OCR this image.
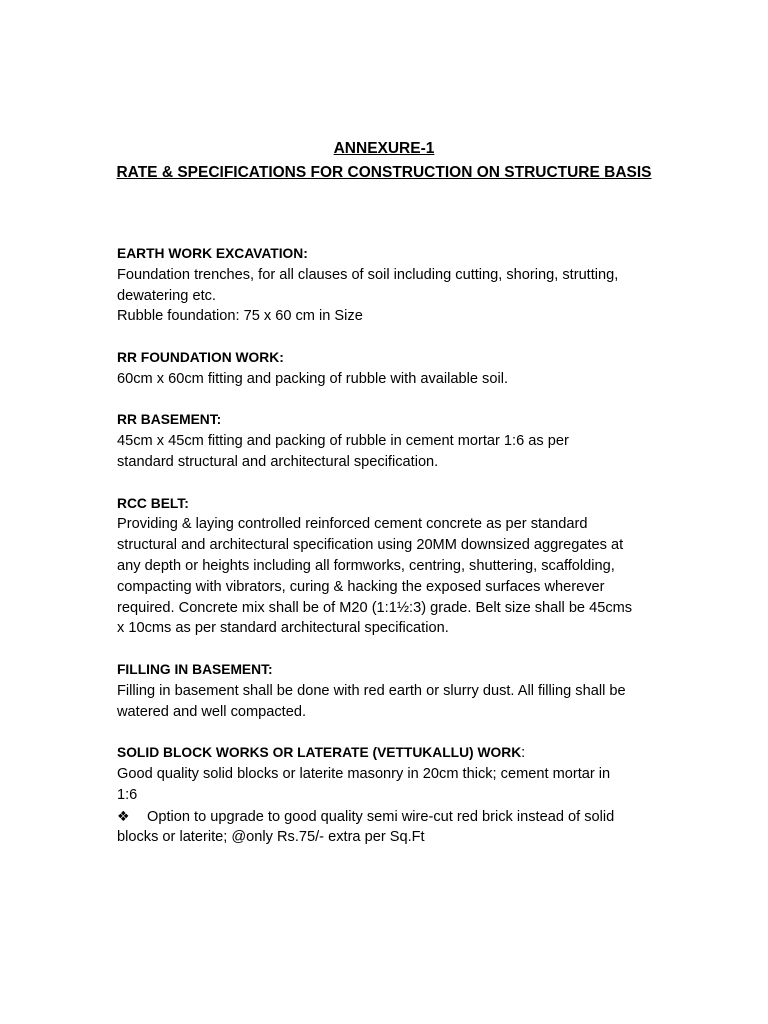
ANNEXURE-1
RATE & SPECIFICATIONS FOR CONSTRUCTION ON STRUCTURE BASIS
EARTH WORK EXCAVATION:
Foundation trenches, for all clauses of soil including cutting, shoring, strutting,
dewatering etc.
Rubble foundation: 75 x 60 cm in Size
RR FOUNDATION WORK:
60cm x 60cm fitting and packing of rubble with available soil.
RR BASEMENT:
45cm x 45cm fitting and packing of rubble in cement mortar 1:6 as per
standard structural and architectural specification.
RCC BELT:
Providing & laying controlled reinforced cement concrete as per standard
structural and architectural specification using 20MM downsized aggregates at
any depth or heights including all formworks, centring, shuttering, scaffolding,
compacting with vibrators, curing & hacking the exposed surfaces wherever
required. Concrete mix shall be of M20 (1:1½:3) grade. Belt size shall be 45cms
x 10cms as per standard architectural specification.
FILLING IN BASEMENT:
Filling in basement shall be done with red earth or slurry dust. All filling shall be
watered and well compacted.
SOLID BLOCK WORKS OR LATERATE (VETTUKALLU) WORK:
Good quality solid blocks or laterite masonry in 20cm thick; cement mortar in
1:6
❖ Option to upgrade to good quality semi wire-cut red brick instead of solid
blocks or laterite; @only Rs.75/- extra per Sq.Ft
